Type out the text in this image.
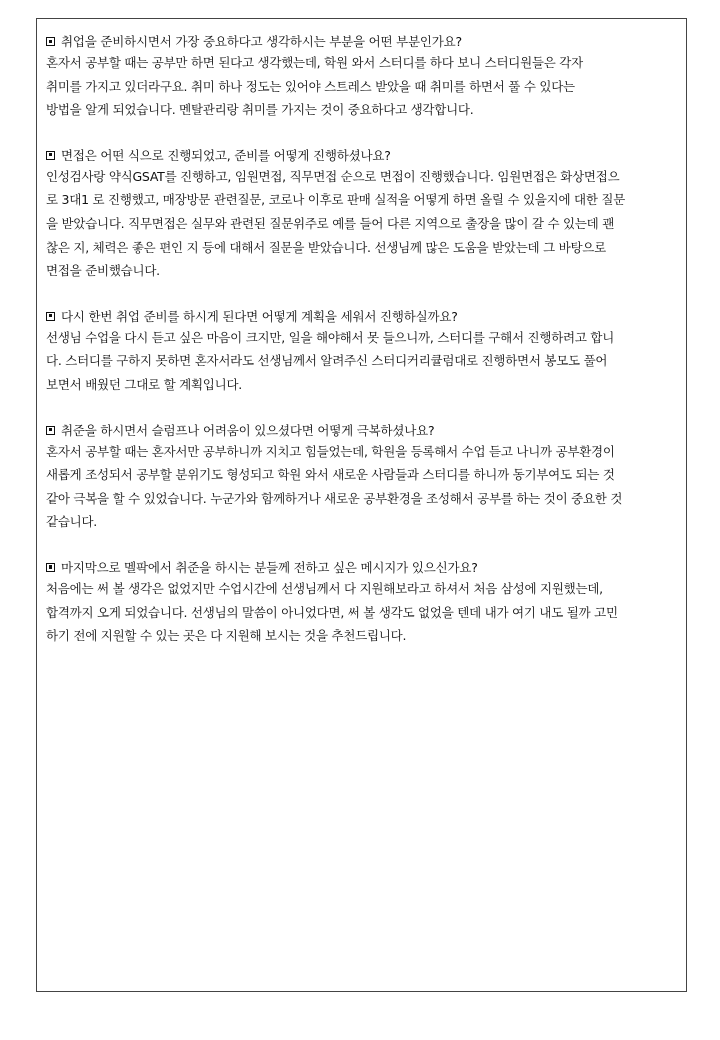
취업을 준비하시면서 가장 중요하다고 생각하시는 부분을 어떤 부분인가요?
혼자서 공부할 때는 공부만 하면 된다고 생각했는데, 학원 와서 스터디를 하다 보니 스터디원들은 각자
취미를 가지고 있더라구요. 취미 하나 정도는 있어야 스트레스 받았을 때 취미를 하면서 풀 수 있다는
방법을 알게 되었습니다. 멘탈관리랑 취미를 가지는 것이 중요하다고 생각합니다.
면접은 어떤 식으로 진행되었고, 준비를 어떻게 진행하셨나요?
인성검사랑 약식GSAT를 진행하고, 임원면접, 직무면접 순으로 면접이 진행했습니다. 임원면접은 화상면접으
로 3대1 로 진행했고, 매장방문 관련질문, 코로나 이후로 판매 실적을 어떻게 하면 올릴 수 있을지에 대한 질문
을 받았습니다. 직무면접은 실무와 관련된 질문위주로 예를 들어 다른 지역으로 출장을 많이 갈 수 있는데 괜
찮은 지, 체력은 좋은 편인 지 등에 대해서 질문을 받았습니다. 선생님께 많은 도움을 받았는데 그 바탕으로
면접을 준비했습니다.
다시 한번 취업 준비를 하시게 된다면 어떻게 계획을 세워서 진행하실까요?
선생님 수업을 다시 듣고 싶은 마음이 크지만, 일을 해야해서 못 들으니까, 스터디를 구해서 진행하려고 합니
다. 스터디를 구하지 못하면 혼자서라도 선생님께서 알려주신 스터디커리큘럼대로 진행하면서 봉모도 풀어
보면서 배웠던 그대로 할 계획입니다.
취준을 하시면서 슬럼프나 어려움이 있으셨다면 어떻게 극복하셨나요?
혼자서 공부할 때는 혼자서만 공부하니까 지치고 힘들었는데, 학원을 등록해서 수업 듣고 나니까 공부환경이
새롭게 조성되서 공부할 분위기도 형성되고 학원 와서 새로운 사람들과 스터디를 하니까 동기부여도 되는 것
같아 극복을 할 수 있었습니다. 누군가와 함께하거나 새로운 공부환경을 조성해서 공부를 하는 것이 중요한 것
같습니다.
마지막으로 멜팍에서 취준을 하시는 분들께 전하고 싶은 메시지가 있으신가요?
처음에는 써 볼 생각은 없었지만 수업시간에 선생님께서 다 지원해보라고 하셔서 처음 삼성에 지원했는데,
합격까지 오게 되었습니다. 선생님의 말씀이 아니었다면, 써 볼 생각도 없었을 텐데 내가 여기 내도 될까 고민
하기 전에 지원할 수 있는 곳은 다 지원해 보시는 것을 추천드립니다.
